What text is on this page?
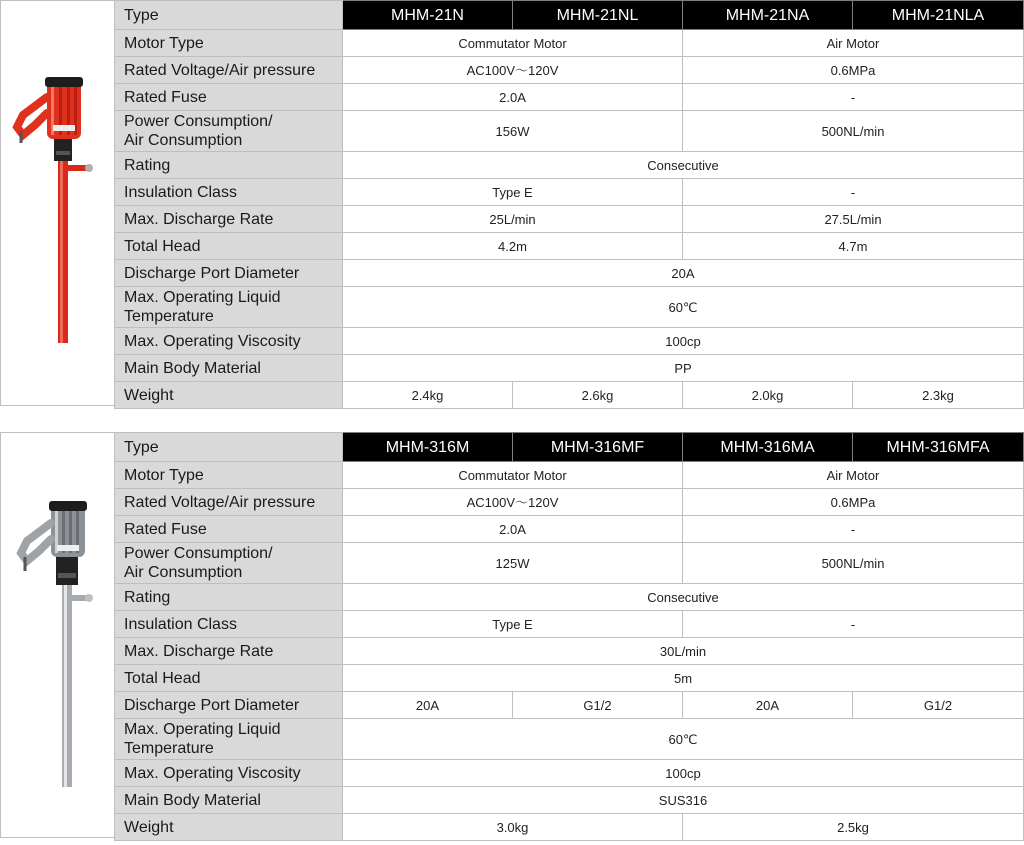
Type	MHM-21N	MHM-21NL	MHM-21NA	MHM-21NLA
Motor Type	Commutator Motor		Air Motor	
Rated Voltage/Air pressure	AC100V～120V		0.6MPa	
Rated Fuse	2.0A		-	

Power Consumption/
Air Consumption	156W		500NL/min	
Rating	Consecutive			
Insulation Class	Type E		-	
Max. Discharge Rate	25L/min		27.5L/min	
Total Head	4.2m		4.7m	
Discharge Port Diameter	20A			

Max. Operating Liquid
Temperature	60℃			
Max. Operating Viscosity	100cp			
Main Body Material	PP			
Weight	2.4kg	2.6kg	2.0kg	2.3kg
Type	MHM-316M	MHM-316MF	MHM-316MA	MHM-316MFA
Motor Type	Commutator Motor		Air Motor	
Rated Voltage/Air pressure	AC100V～120V		0.6MPa	
Rated Fuse	2.0A		-	

Power Consumption/
Air Consumption	125W		500NL/min	
Rating	Consecutive			
Insulation Class	Type E		-	
Max. Discharge Rate	30L/min			
Total Head	5m			
Discharge Port Diameter	20A	G1/2	20A	G1/2

Max. Operating Liquid
Temperature	60℃			
Max. Operating Viscosity	100cp			
Main Body Material	SUS316			
Weight	3.0kg		2.5kg	
